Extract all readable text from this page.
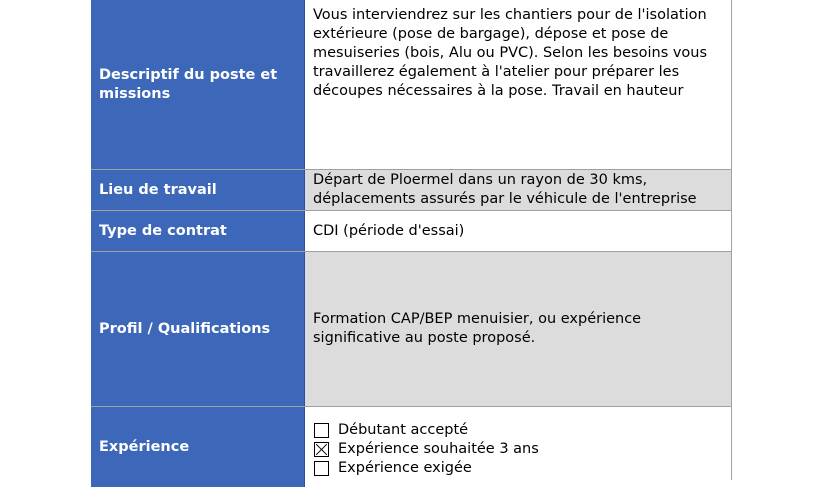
Descriptif du poste et missions
Vous interviendrez sur les chantiers pour de l'isolation extérieure (pose de bargage), dépose et pose de mesuiseries (bois, Alu ou PVC). Selon les besoins vous travaillerez également à l'atelier pour préparer les découpes nécessaires à la pose. Travail en hauteur
Lieu de travail
Départ de Ploermel dans un rayon de 30 kms, déplacements assurés par le véhicule de l'entreprise
Type de contrat	CDI (période d'essai)
Profil / Qualifications
Formation CAP/BEP menuisier, ou expérience significative au poste proposé.
Expérience
Débutant accepté
Expérience souhaitée 3 ans
Expérience exigée
